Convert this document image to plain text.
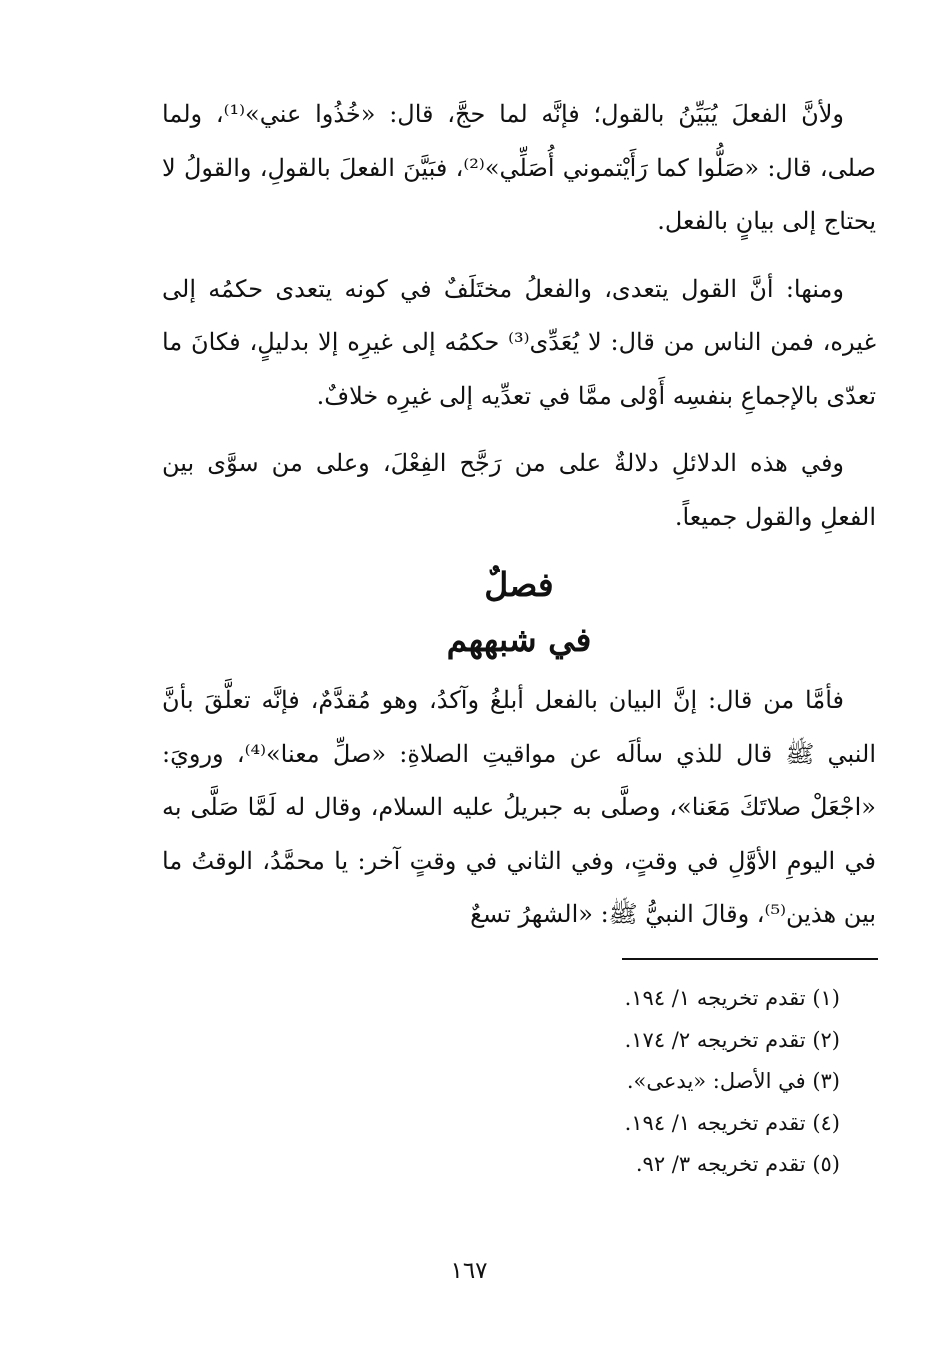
ولأنَّ الفعلَ يُبَيِّنُ بالقول؛ فإنَّه لما حجَّ، قال: «خُذُوا عني»⁽¹⁾، ولما صلى، قال: «صَلُّوا كما رَأَيْتموني أُصَلِّي»⁽²⁾، فبَيَّنَ الفعلَ بالقولِ، والقولُ لا يحتاج إلى بيانٍ بالفعل.

ومنها: أنَّ القول يتعدى، والفعلُ مختَلَفٌ في كونه يتعدى حكمُه إلى غيره، فمن الناس من قال: لا يُعَدِّى⁽³⁾ حكمُه إلى غيرِه إلا بدليلٍ، فكانَ ما تعدّى بالإجماعِ بنفسِه أَوْلى ممَّا في تعدِّيه إلى غيرِه خلافٌ.

وفي هذه الدلائلِ دلالةٌ على من رَجَّح الفِعْلَ، وعلى من سوَّى بين الفعلِ والقول جميعاً.

فصلٌ
في شبههم

فأمَّا من قال: إنَّ البيان بالفعل أبلغُ وآكدُ، وهو مُقدَّمٌ، فإنَّه تعلَّقَ بأنَّ النبي ﷺ قال للذي سألَه عن مواقيتِ الصلاةِ: «صلِّ معنا»⁽⁴⁾، ورويَ: «اجْعَلْ صلاتَكَ مَعَنا»، وصلَّى به جبريلُ عليه السلام، وقال له لَمَّا صَلَّى به في اليومِ الأوَّلِ في وقتٍ، وفي الثاني في وقتٍ آخر: يا محمَّدُ، الوقتُ ما بين هذين⁽⁵⁾، وقالَ النبيُّ ﷺ: «الشهرُ تسعٌ

(١) تقدم تخريجه ١/ ١٩٤.

(٢) تقدم تخريجه ٢/ ١٧٤.

(٣) في الأصل: «يدعى».

(٤) تقدم تخريجه ١/ ١٩٤.

(٥) تقدم تخريجه ٣/ ٩٢.

١٦٧
